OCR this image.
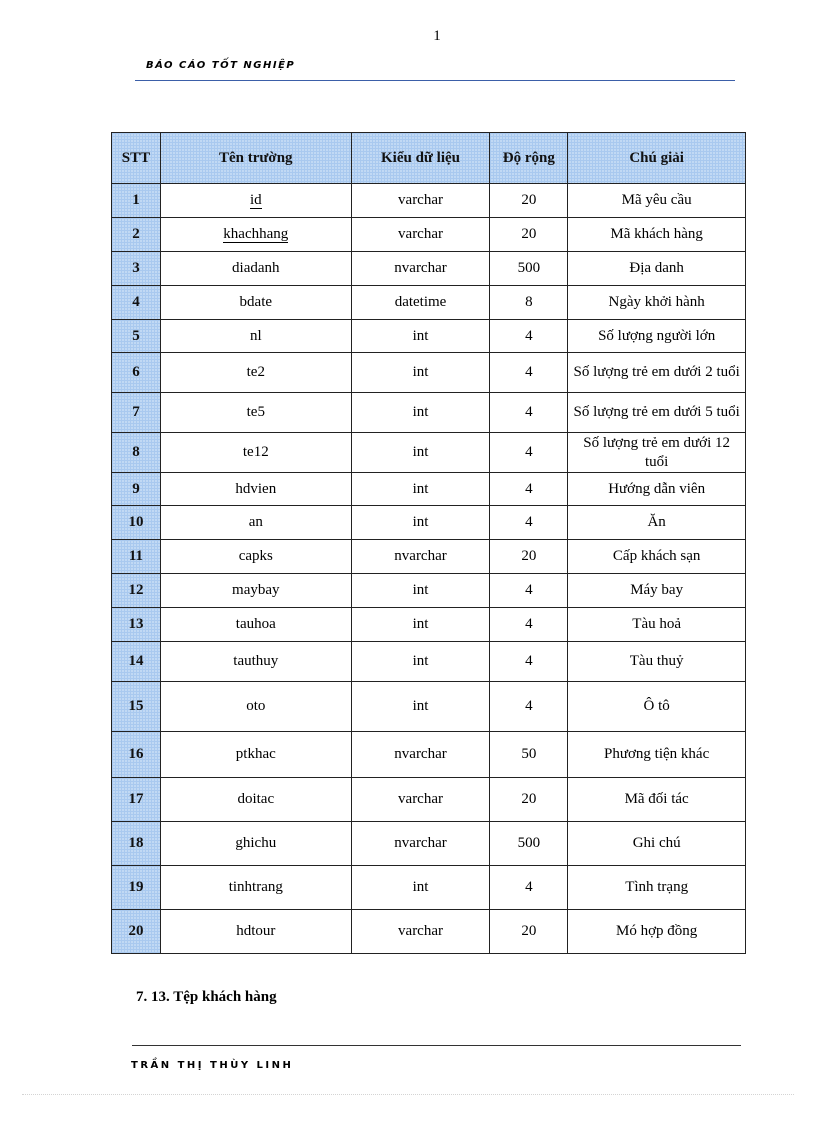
1
BÁO CÁO TỐT NGHIỆP
STT	Tên trường	Kiểu dữ liệu	Độ rộng	Chú giải
1	id	varchar	20	Mã yêu cầu
2	khachhang	varchar	20	Mã khách hàng
3	diadanh	nvarchar	500	Địa danh
4	bdate	datetime	8	Ngày khởi hành
5	nl	int	4	Số lượng người lớn
6	te2	int	4	Số lượng trẻ em dưới 2 tuổi
7	te5	int	4	Số lượng trẻ em dưới 5 tuổi
8	te12	int	4	Số lượng trẻ em dưới 12 tuổi
9	hdvien	int	4	Hướng dẫn viên
10	an	int	4	Ăn
11	capks	nvarchar	20	Cấp khách sạn
12	maybay	int	4	Máy bay
13	tauhoa	int	4	Tàu hoả
14	tauthuy	int	4	Tàu thuỷ
15	oto	int	4	Ô tô
16	ptkhac	nvarchar	50	Phương tiện khác
17	doitac	varchar	20	Mã đối tác
18	ghichu	nvarchar	500	Ghi chú
19	tinhtrang	int	4	Tình trạng
20	hdtour	varchar	20	Mó hợp đồng
7. 13. Tệp khách hàng
TRẦN THỊ THÙY LINH
